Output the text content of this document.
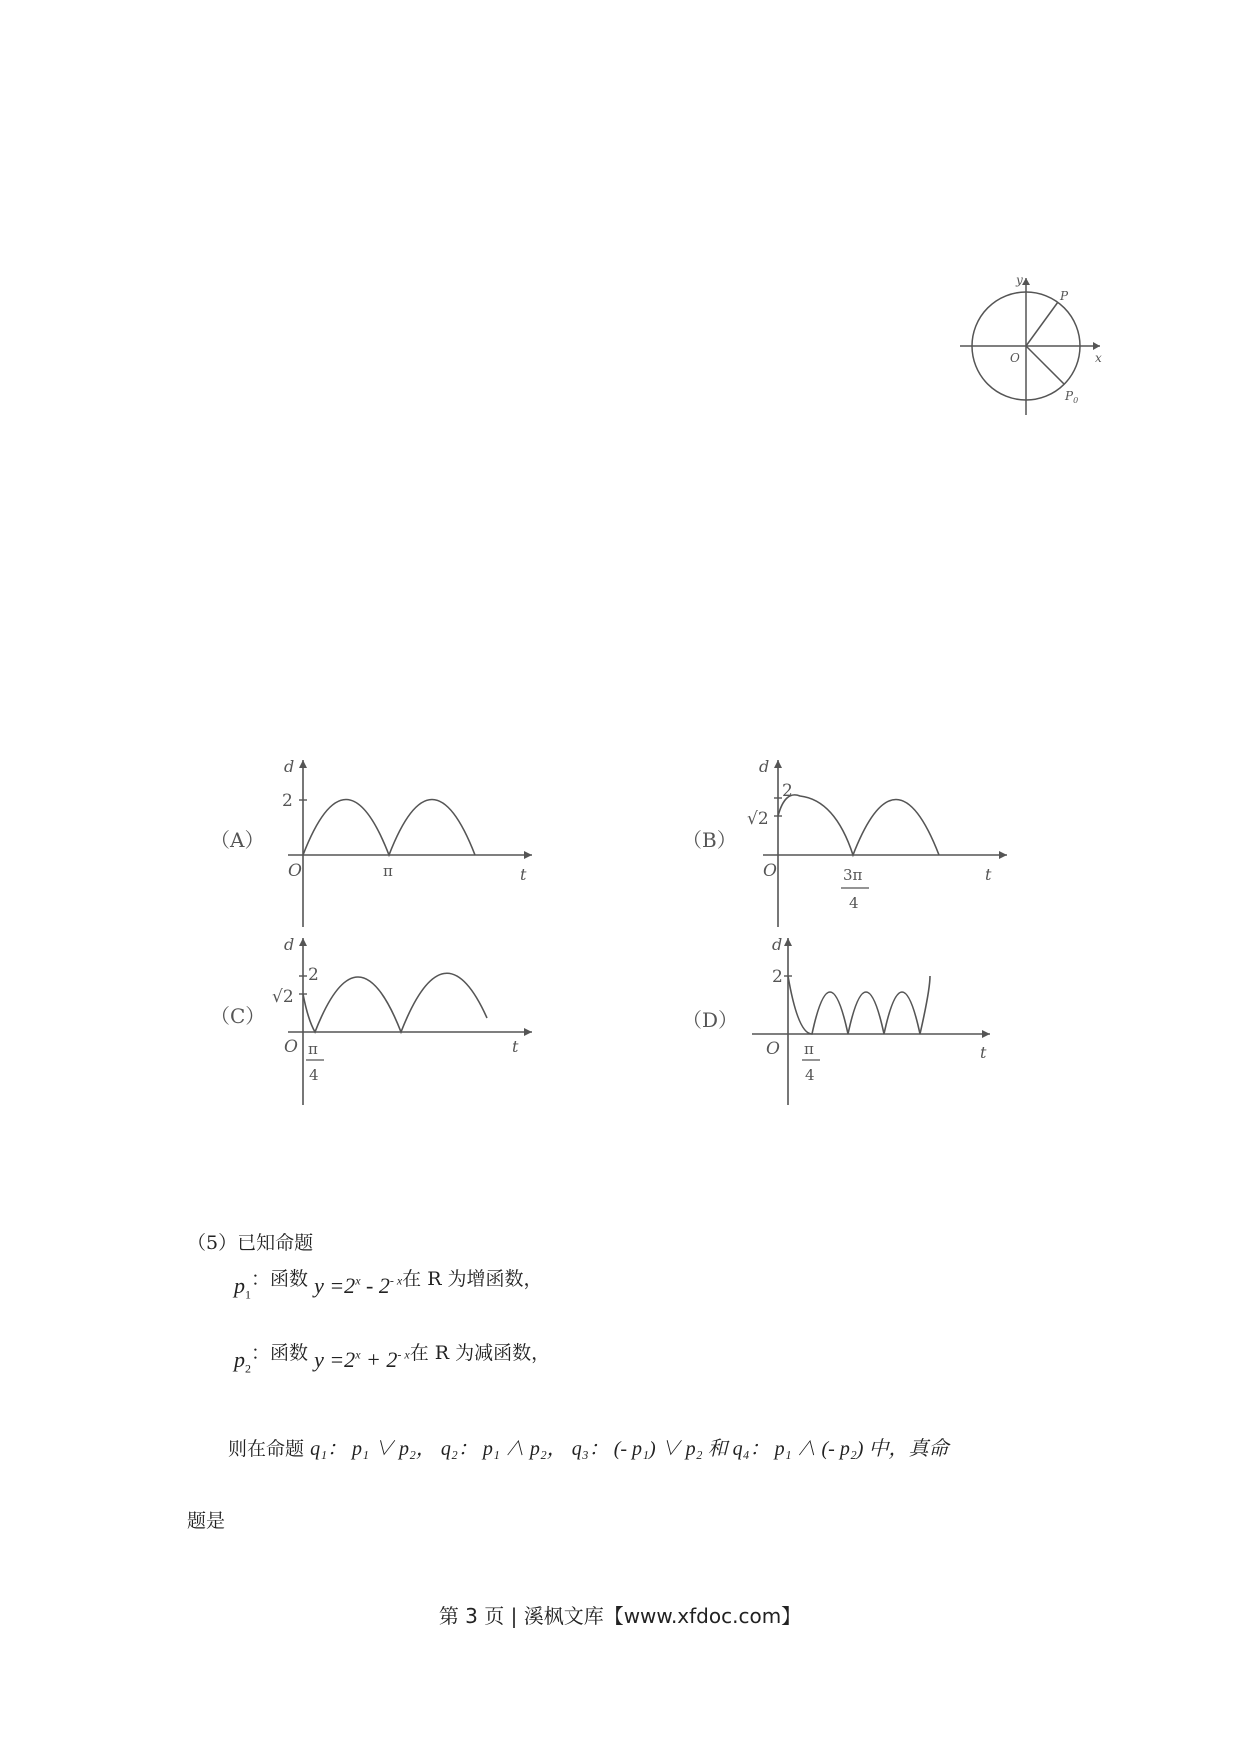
y
x
O
P
$P_0$
（A）
d
2
O	π	t
（B）
d
2
√2
O	3π
4
t
（C）
d
2
√2
O π
4
t
（D）
d
2
O π
4
t
（5）已知命题
$p_1$：函数 $y =2^x - 2^{- x}$在 R 为增函数，
$p_2$：函数 $y =2^x + 2^{- x}$在 R 为减函数，
则在命题 q₁： p₁ ∨ p₂， q₂： p₁ ∧ p₂， q₃： (- p₁) ∨ p₂ 和 q₄： p₁ ∧ (- p₂) 中，真命
题是
第 3 页 | 溪枫文库【www.xfdoc.com】
